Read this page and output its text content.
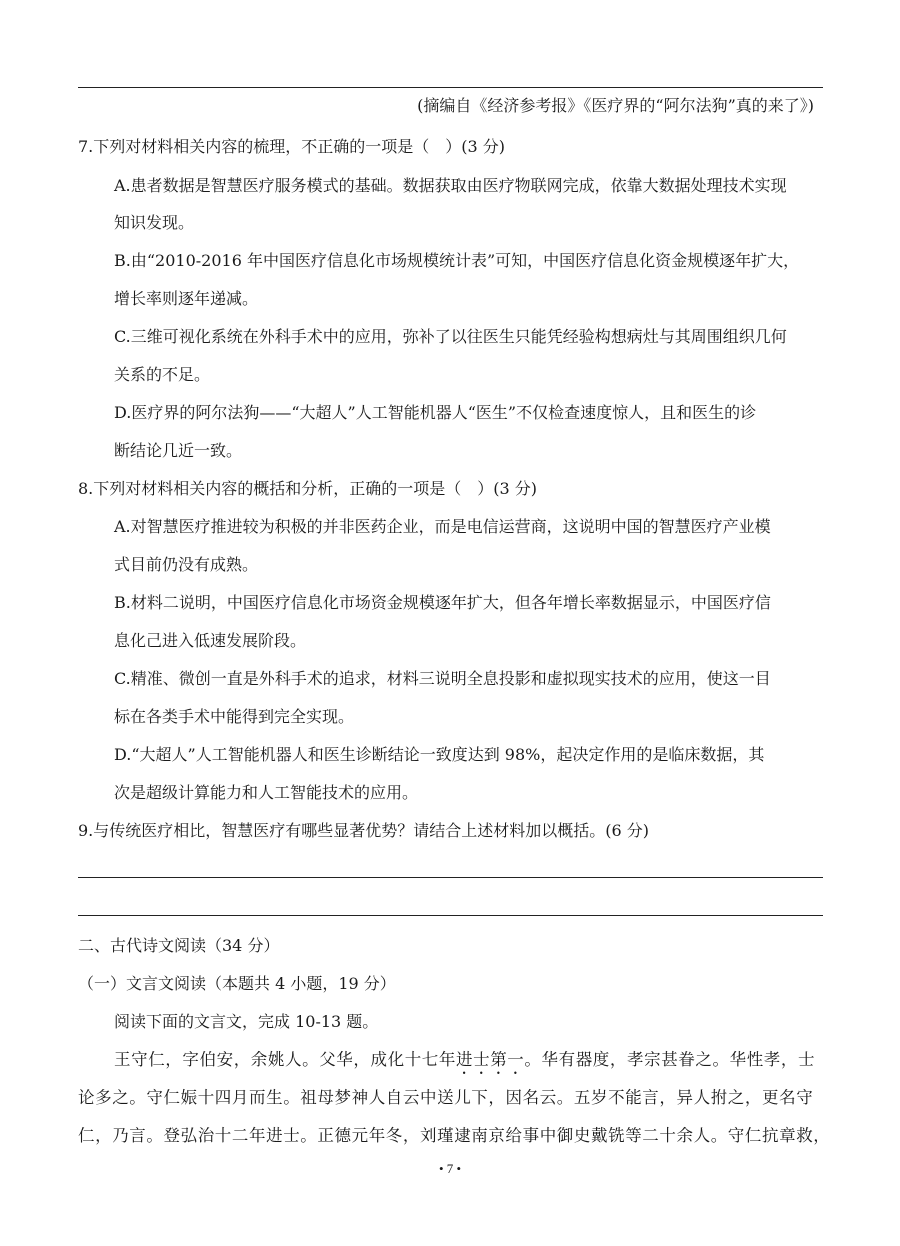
(摘编自《经济参考报》《医疗界的“阿尔法狗”真的来了》)
7.下列对材料相关内容的梳理，不正确的一项是（　）(3 分)
A.患者数据是智慧医疗服务模式的基础。数据获取由医疗物联网完成，依靠大数据处理技术实现
知识发现。
B.由“2010-2016 年中国医疗信息化市场规模统计表”可知，中国医疗信息化资金规模逐年扩大，
增长率则逐年递减。
C.三维可视化系统在外科手术中的应用，弥补了以往医生只能凭经验构想病灶与其周围组织几何
关系的不足。
D.医疗界的阿尔法狗——“大超人”人工智能机器人“医生”不仅检查速度惊人，且和医生的诊
断结论几近一致。
8.下列对材料相关内容的概括和分析，正确的一项是（　）(3 分)
A.对智慧医疗推进较为积极的并非医药企业，而是电信运营商，这说明中国的智慧医疗产业模
式目前仍没有成熟。
B.材料二说明，中国医疗信息化市场资金规模逐年扩大，但各年增长率数据显示，中国医疗信
息化己进入低速发展阶段。
C.精准、微创一直是外科手术的追求，材料三说明全息投影和虚拟现实技术的应用，使这一目
标在各类手术中能得到完全实现。
D.“大超人”人工智能机器人和医生诊断结论一致度达到 98%，起决定作用的是临床数据，其
次是超级计算能力和人工智能技术的应用。
9.与传统医疗相比，智慧医疗有哪些显著优势？请结合上述材料加以概括。(6 分)
二、古代诗文阅读（34 分）
（一）文言文阅读（本题共 4 小题，19 分）
阅读下面的文言文，完成 10-13 题。
王守仁，字伯安，余姚人。父华，成化十七年进士第一。华有器度，孝宗甚眷之。华性孝，士
论多之。守仁娠十四月而生。祖母梦神人自云中送儿下，因名云。五岁不能言，异人拊之，更名守
仁，乃言。登弘治十二年进士。正德元年冬，刘瑾逮南京给事中御史戴铣等二十余人。守仁抗章救，
• 7 •
